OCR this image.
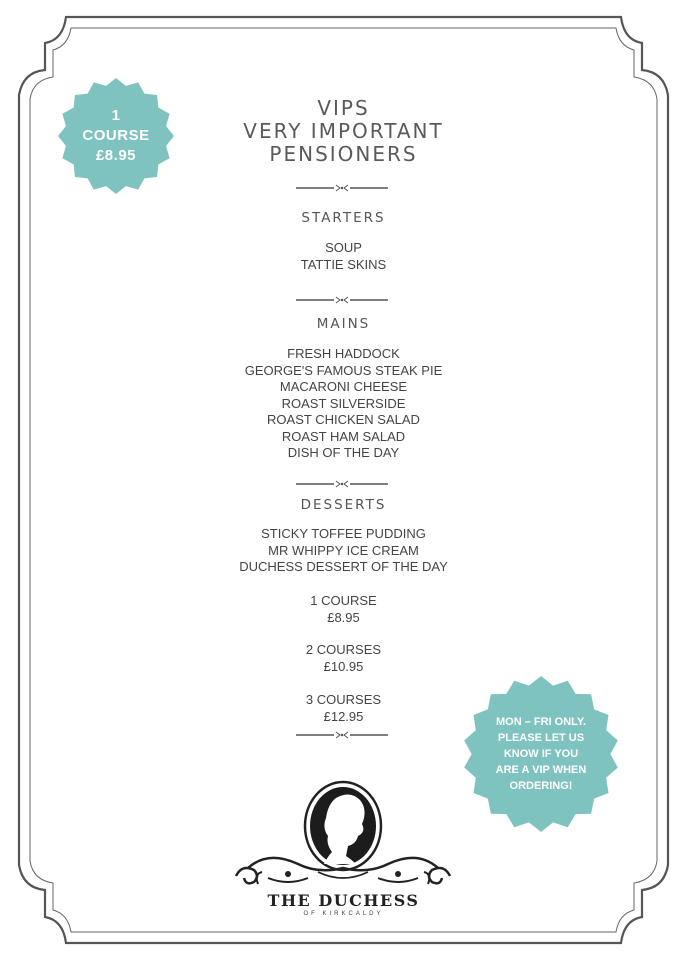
1
COURSE
£8.95
VIPS
VERY IMPORTANT
PENSIONERS
STARTERS
SOUP
TATTIE SKINS
MAINS
FRESH HADDOCK
GEORGE'S FAMOUS STEAK PIE
MACARONI CHEESE
ROAST SILVERSIDE
ROAST CHICKEN SALAD
ROAST HAM SALAD
DISH OF THE DAY
DESSERTS
STICKY TOFFEE PUDDING
MR WHIPPY ICE CREAM
DUCHESS DESSERT OF THE DAY
1 COURSE
£8.95
2 COURSES
£10.95
3 COURSES
£12.95	MON – FRI ONLY.
PLEASE LET US
KNOW IF YOU
ARE A VIP WHEN
ORDERING!
THE DUCHESS
OF KIRKCALDY
